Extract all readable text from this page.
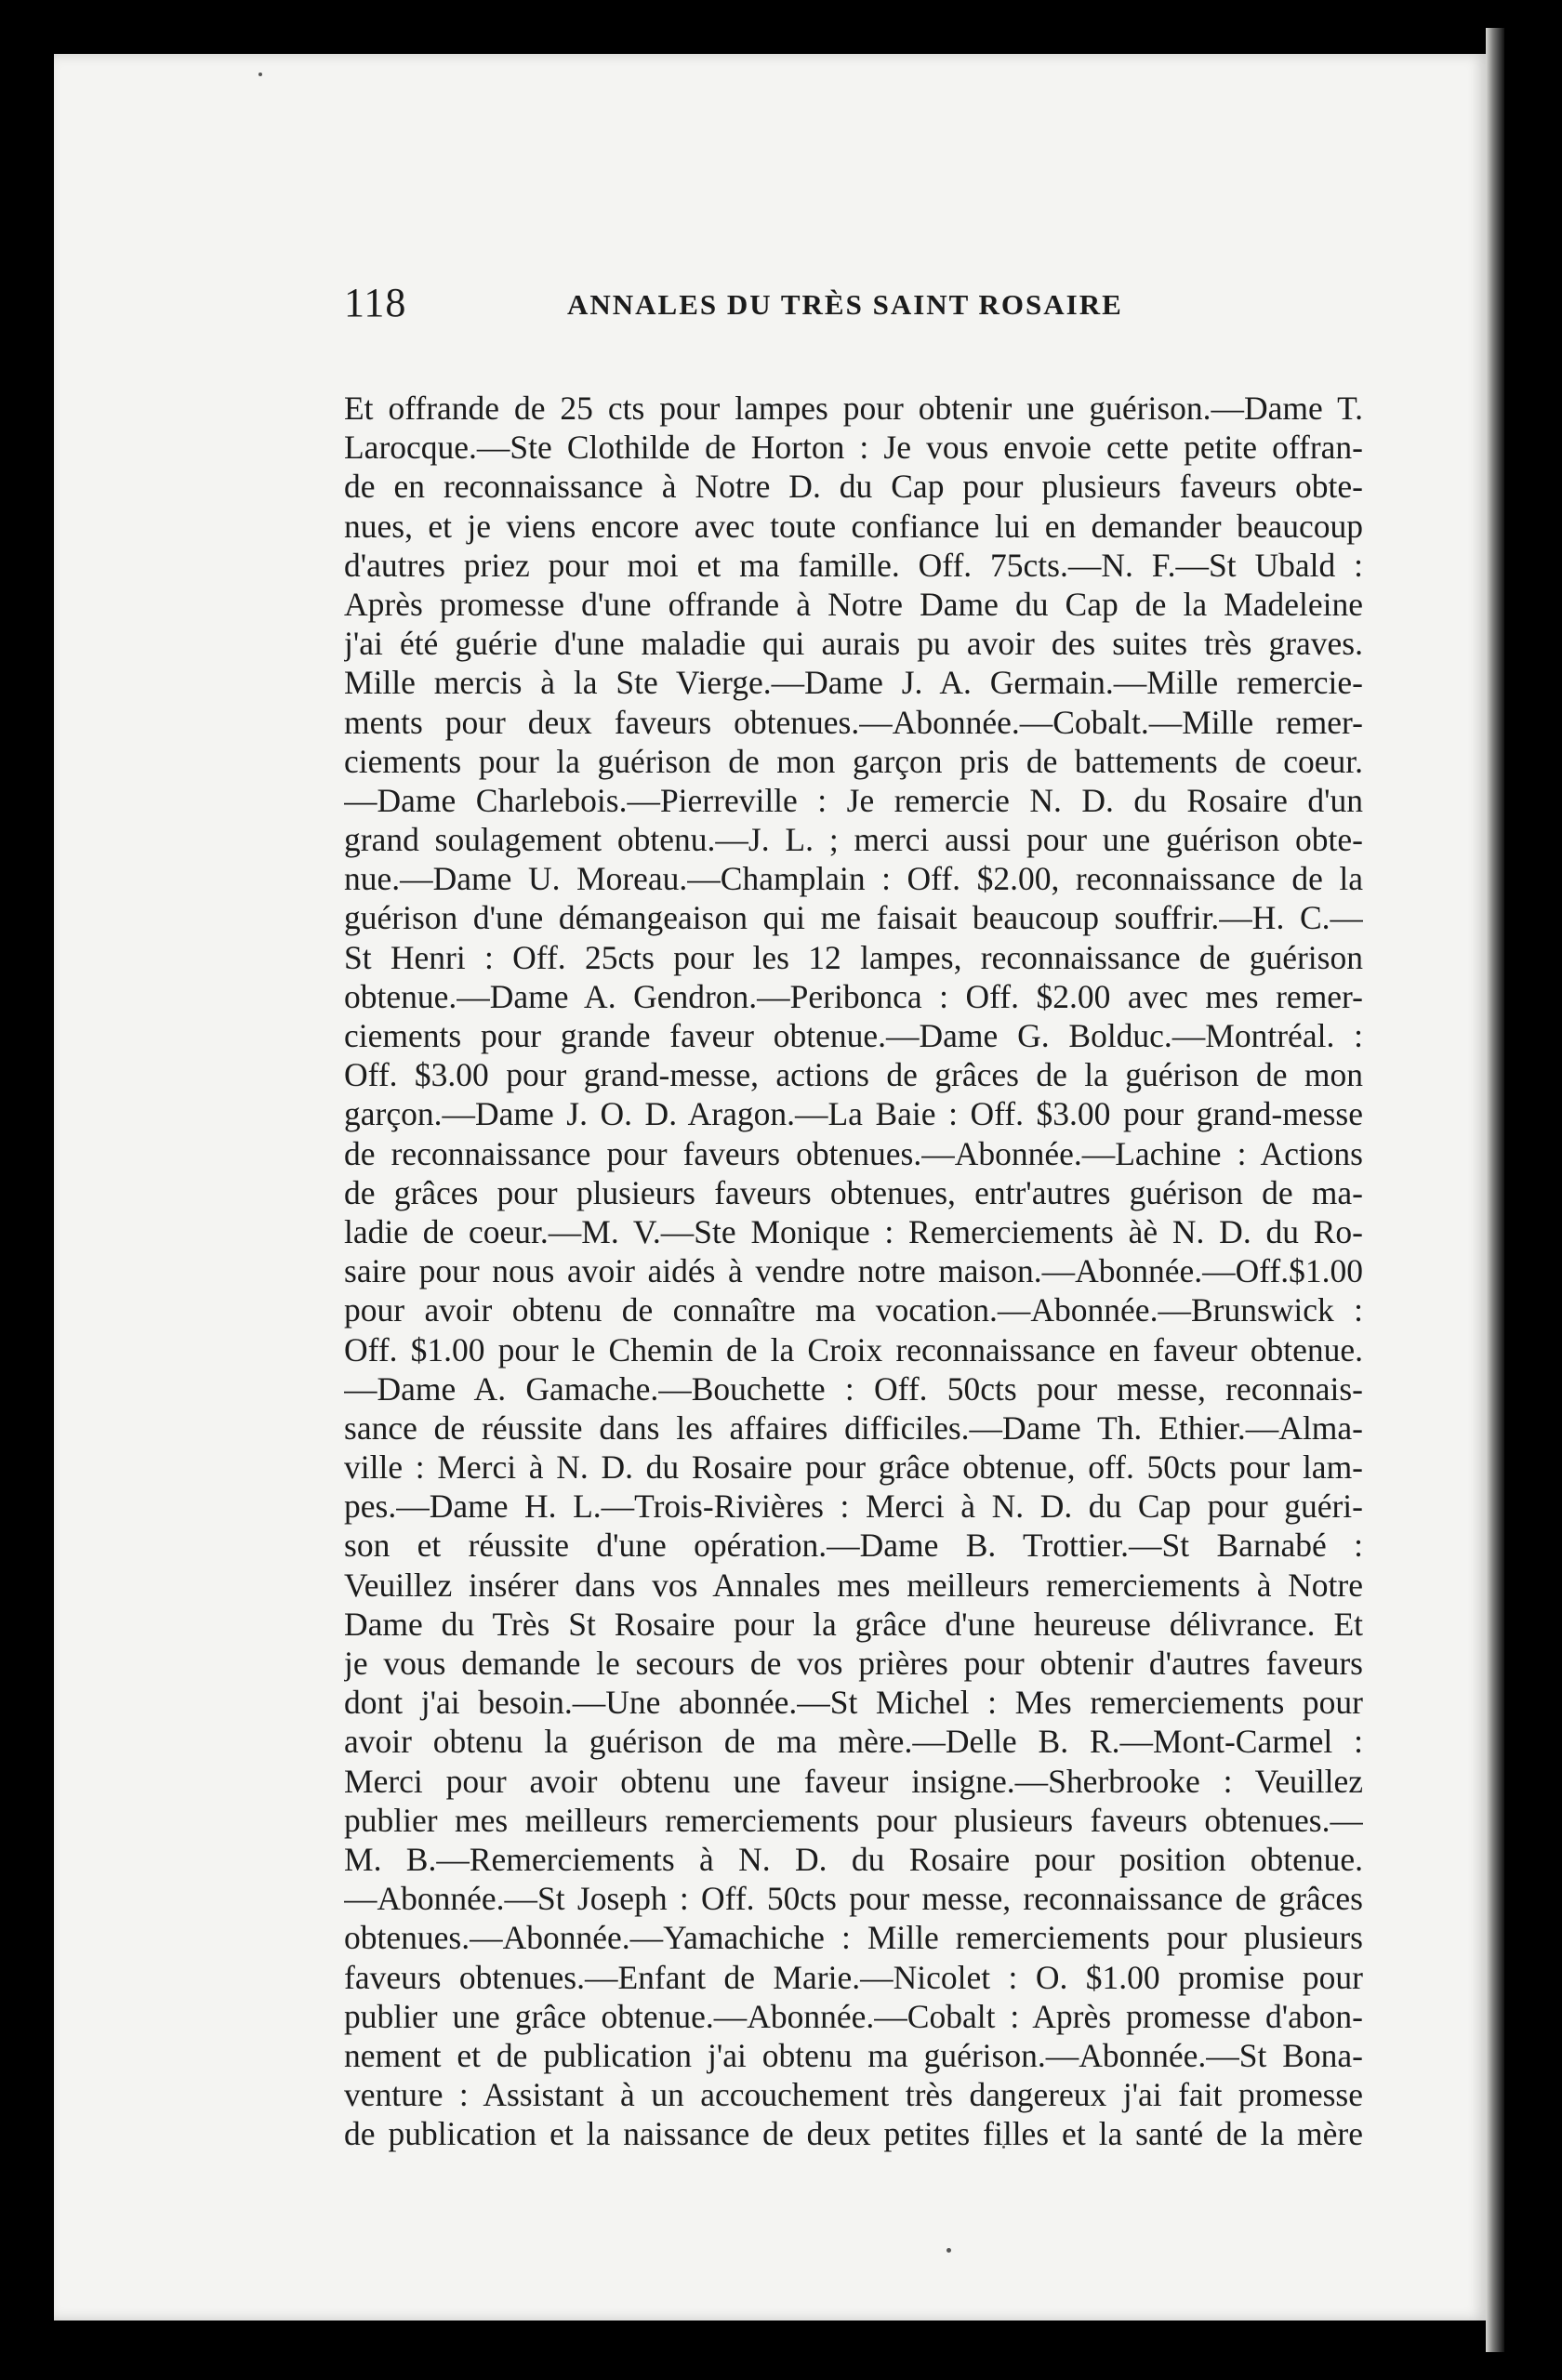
118	ANNALES DU TRÈS SAINT ROSAIRE
Et offrande de 25 cts pour lampes pour obtenir une guérison.—Dame T.
Larocque.—Ste Clothilde de Horton : Je vous envoie cette petite offran-
de en reconnaissance à Notre D. du Cap pour plusieurs faveurs obte-
nues, et je viens encore avec toute confiance lui en demander beaucoup
d'autres priez pour moi et ma famille. Off. 75cts.—N. F.—St Ubald :
Après promesse d'une offrande à Notre Dame du Cap de la Madeleine
j'ai été guérie d'une maladie qui aurais pu avoir des suites très graves.
Mille mercis à la Ste Vierge.—Dame J. A. Germain.—Mille remercie-
ments pour deux faveurs obtenues.—Abonnée.—Cobalt.—Mille remer-
ciements pour la guérison de mon garçon pris de battements de coeur.
—Dame Charlebois.—Pierreville : Je remercie N. D. du Rosaire d'un
grand soulagement obtenu.—J. L. ; merci aussi pour une guérison obte-
nue.—Dame U. Moreau.—Champlain : Off. $2.00, reconnaissance de la
guérison d'une démangeaison qui me faisait beaucoup souffrir.—H. C.—
St Henri : Off. 25cts pour les 12 lampes, reconnaissance de guérison
obtenue.—Dame A. Gendron.—Peribonca : Off. $2.00 avec mes remer-
ciements pour grande faveur obtenue.—Dame G. Bolduc.—Montréal. :
Off. $3.00 pour grand-messe, actions de grâces de la guérison de mon
garçon.—Dame J. O. D. Aragon.—La Baie : Off. $3.00 pour grand-messe
de reconnaissance pour faveurs obtenues.—Abonnée.—Lachine : Actions
de grâces pour plusieurs faveurs obtenues, entr'autres guérison de ma-
ladie de coeur.—M. V.—Ste Monique : Remerciements àè N. D. du Ro-
saire pour nous avoir aidés à vendre notre maison.—Abonnée.—Off.$1.00
pour avoir obtenu de connaître ma vocation.—Abonnée.—Brunswick :
Off. $1.00 pour le Chemin de la Croix reconnaissance en faveur obtenue.
—Dame A. Gamache.—Bouchette : Off. 50cts pour messe, reconnais-
sance de réussite dans les affaires difficiles.—Dame Th. Ethier.—Alma-
ville : Merci à N. D. du Rosaire pour grâce obtenue, off. 50cts pour lam-
pes.—Dame H. L.—Trois-Rivières : Merci à N. D. du Cap pour guéri-
son et réussite d'une opération.—Dame B. Trottier.—St Barnabé :
Veuillez insérer dans vos Annales mes meilleurs remerciements à Notre
Dame du Très St Rosaire pour la grâce d'une heureuse délivrance. Et
je vous demande le secours de vos prières pour obtenir d'autres faveurs
dont j'ai besoin.—Une abonnée.—St Michel : Mes remerciements pour
avoir obtenu la guérison de ma mère.—Delle B. R.—Mont-Carmel :
Merci pour avoir obtenu une faveur insigne.—Sherbrooke : Veuillez
publier mes meilleurs remerciements pour plusieurs faveurs obtenues.—
M. B.—Remerciements à N. D. du Rosaire pour position obtenue.
—Abonnée.—St Joseph : Off. 50cts pour messe, reconnaissance de grâces
obtenues.—Abonnée.—Yamachiche : Mille remerciements pour plusieurs
faveurs obtenues.—Enfant de Marie.—Nicolet : O. $1.00 promise pour
publier une grâce obtenue.—Abonnée.—Cobalt : Après promesse d'abon-
nement et de publication j'ai obtenu ma guérison.—Abonnée.—St Bona-
venture : Assistant à un accouchement très dangereux j'ai fait promesse
de publication et la naissance de deux petites filles et la santé de la mère
